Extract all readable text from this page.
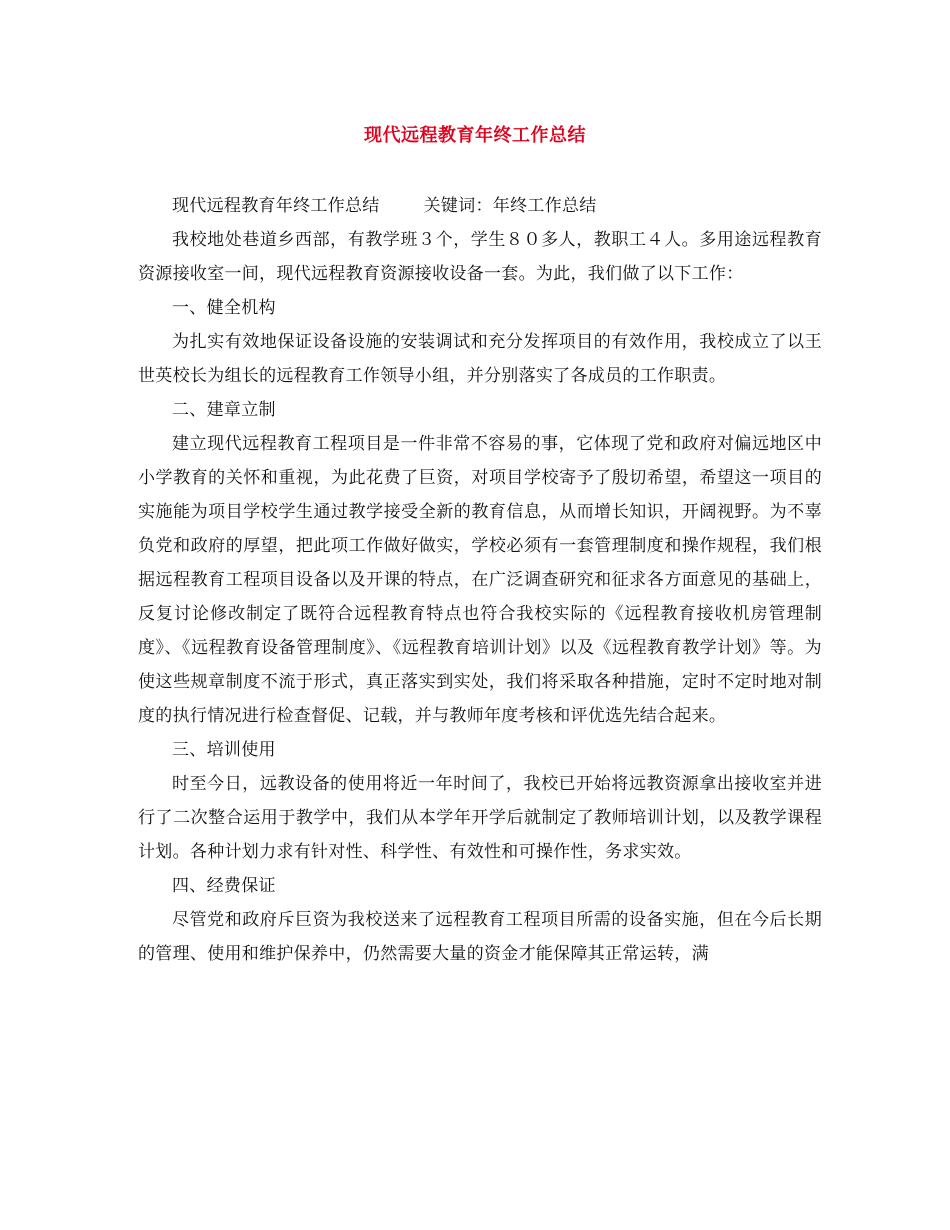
现代远程教育年终工作总结

现代远程教育年终工作总结	关键词：年终工作总结

我校地处巷道乡西部，有教学班３个，学生８０多人，教职工４人。多用途远程教育资源接收室一间，现代远程教育资源接收设备一套。为此，我们做了以下工作：

一、健全机构

为扎实有效地保证设备设施的安装调试和充分发挥项目的有效作用，我校成立了以王世英校长为组长的远程教育工作领导小组，并分别落实了各成员的工作职责。

二、建章立制

建立现代远程教育工程项目是一件非常不容易的事，它体现了党和政府对偏远地区中小学教育的关怀和重视，为此花费了巨资，对项目学校寄予了殷切希望，希望这一项目的实施能为项目学校学生通过教学接受全新的教育信息，从而增长知识，开阔视野。为不辜负党和政府的厚望，把此项工作做好做实，学校必须有一套管理制度和操作规程，我们根据远程教育工程项目设备以及开课的特点，在广泛调查研究和征求各方面意见的基础上，反复讨论修改制定了既符合远程教育特点也符合我校实际的《远程教育接收机房管理制度》、《远程教育设备管理制度》、《远程教育培训计划》以及《远程教育教学计划》等。为使这些规章制度不流于形式，真正落实到实处，我们将采取各种措施，定时不定时地对制度的执行情况进行检查督促、记载，并与教师年度考核和评优选先结合起来。

三、培训使用

时至今日，远教设备的使用将近一年时间了，我校已开始将远教资源拿出接收室并进行了二次整合运用于教学中，我们从本学年开学后就制定了教师培训计划，以及教学课程计划。各种计划力求有针对性、科学性、有效性和可操作性，务求实效。

四、经费保证

尽管党和政府斥巨资为我校送来了远程教育工程项目所需的设备实施，但在今后长期的管理、使用和维护保养中，仍然需要大量的资金才能保障其正常运转，满
